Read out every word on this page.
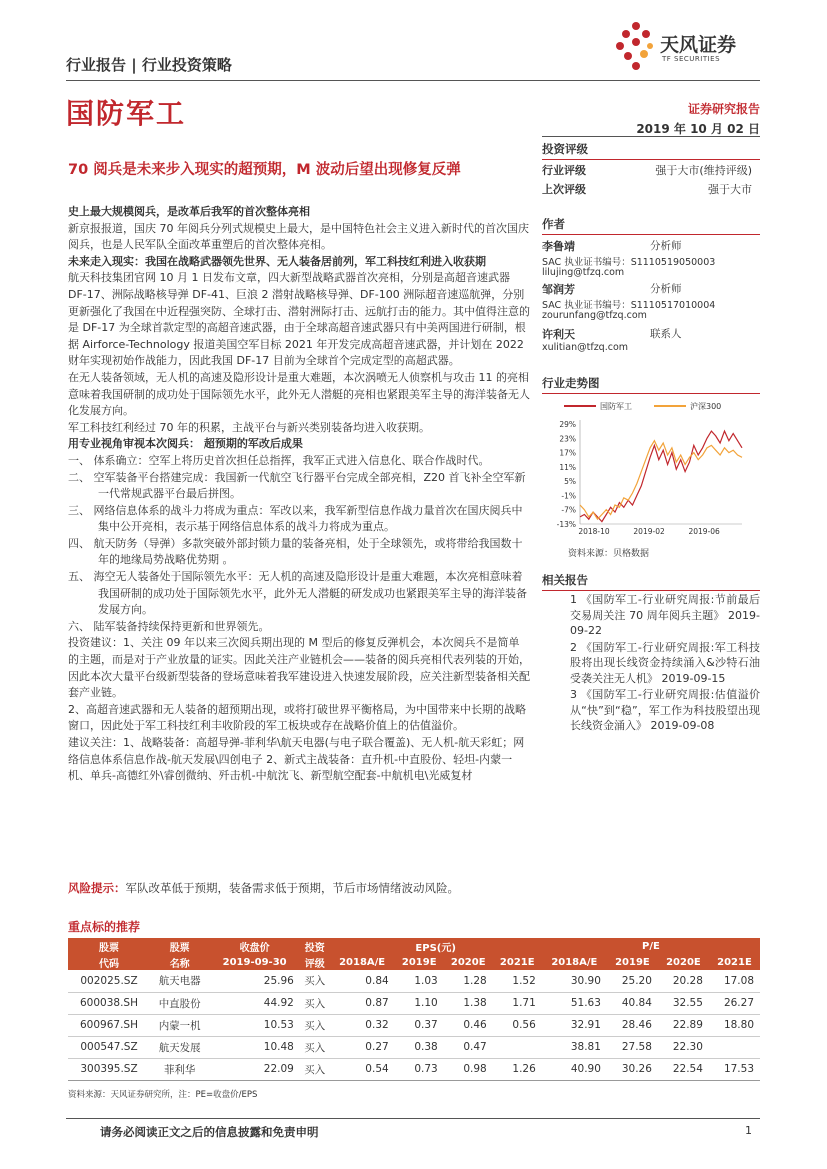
行业报告 | 行业投资策略
国防军工
天风证券
TF SECURITIES
证券研究报告
2019 年 10 月 02 日
70 阅兵是未来步入现实的超预期，M 波动后望出现修复反弹

史上最大规模阅兵，是改革后我军的首次整体亮相

新京报报道，国庆 70 年阅兵分列式规模史上最大，是中国特色社会主义进入新时代的首次国庆阅兵，也是人民军队全面改革重塑后的首次整体亮相。

未来走入现实：我国在战略武器领先世界、无人装备居前列，军工科技红利进入收获期

航天科技集团官网 10 月 1 日发布文章，四大新型战略武器首次亮相，分别是高超音速武器 DF-17、洲际战略核导弹 DF-41、巨浪 2 潜射战略核导弹、DF-100 洲际超音速巡航弹，分别更新强化了我国在中近程强突防、全球打击、潜射洲际打击、远航打击的能力。其中值得注意的是 DF-17 为全球首款定型的高超音速武器，由于全球高超音速武器只有中美两国进行研制，根据 Airforce-Technology 报道美国空军目标 2021 年开发完成高超音速武器，并计划在 2022 财年实现初始作战能力，因此我国 DF-17 目前为全球首个完成定型的高超武器。

在无人装备领域，无人机的高速及隐形设计是重大难题，本次涡喷无人侦察机与攻击 11 的亮相意味着我国研制的成功处于国际领先水平，此外无人潜艇的亮相也紧跟美军主导的海洋装备无人化发展方向。

军工科技红利经过 70 年的积累，主战平台与新兴类别装备均进入收获期。

用专业视角审视本次阅兵： 超预期的军改后成果

一、 体系确立：空军上将历史首次担任总指挥，我军正式进入信息化、联合作战时代。

二、 空军装备平台搭建完成：我国新一代航空飞行器平台完成全部亮相，Z20 首飞补全空军新一代常规武器平台最后拼图。

三、 网络信息体系的战斗力将成为重点：军改以来，我军新型信息作战力量首次在国庆阅兵中集中公开亮相，表示基于网络信息体系的战斗力将成为重点。

四、 航天防务（导弹）多款突破外部封锁力量的装备亮相，处于全球领先，或将带给我国数十年的地缘局势战略优势期 。

五、 海空无人装备处于国际领先水平：无人机的高速及隐形设计是重大难题，本次亮相意味着我国研制的成功处于国际领先水平，此外无人潜艇的研发成功也紧跟美军主导的海洋装备发展方向。

六、 陆军装备持续保持更新和世界领先。

投资建议：1、关注 09 年以来三次阅兵期出现的 M 型后的修复反弹机会，本次阅兵不是简单的主题，而是对于产业放量的证实。因此关注产业链机会——装备的阅兵亮相代表列装的开始，因此本次大量平台级新型装备的登场意味着我军建设进入快速发展阶段，应关注新型装备相关配套产业链。

2、高超音速武器和无人装备的超预期出现，或将打破世界平衡格局，为中国带来中长期的战略窗口，因此处于军工科技红利丰收阶段的军工板块或存在战略价值上的估值溢价。

建议关注：1、战略装备：高超导弹-菲利华\航天电器(与电子联合覆盖)、无人机-航天彩虹；网络信息体系信息作战-航天发展\四创电子 2、新式主战装备：直升机-中直股份、轻坦-内蒙一机、单兵-高德红外\睿创微纳、歼击机-中航沈飞、新型航空配套-中航机电\光威复材

风险提示：军队改革低于预期，装备需求低于预期，节后市场情绪波动风险。
投资评级
行业评级	强于大市(维持评级)
上次评级	强于大市
作者
李鲁靖	分析师
SAC 执业证书编号：S1110519050003
lilujing@tfzq.com
邹润芳	分析师
SAC 执业证书编号：S1110517010004
zourunfang@tfzq.com
许利天	联系人
xulitian@tfzq.com
行业走势图
国防军工	沪深300
29%
23%
17%
11%
5%
-1%
-7%
-13%
2018-10	2019-02	2019-06
资料来源：贝格数据
相关报告

1 《国防军工-行业研究周报:节前最后交易周关注 70 周年阅兵主题》 2019-09-22

2 《国防军工-行业研究周报:军工科技股将出现长线资金持续涌入&沙特石油受袭关注无人机》 2019-09-15

3 《国防军工-行业研究周报:估值溢价从“快”到“稳”，军工作为科技股望出现长线资金涌入》 2019-09-08

重点标的推荐
股票	股票	收盘价	投资	EPS(元)				P/E			
代码	名称	2019-09-30	评级	2018A/E	2019E	2020E	2021E	2018A/E	2019E	2020E	2021E
002025.SZ	航天电器	25.96	买入	0.84	1.03	1.28	1.52	30.90	25.20	20.28	17.08
600038.SH	中直股份	44.92	买入	0.87	1.10	1.38	1.71	51.63	40.84	32.55	26.27
600967.SH	内蒙一机	10.53	买入	0.32	0.37	0.46	0.56	32.91	28.46	22.89	18.80
000547.SZ	航天发展	10.48	买入	0.27	0.38	0.47		38.81	27.58	22.30	
300395.SZ	菲利华	22.09	买入	0.54	0.73	0.98	1.26	40.90	30.26	22.54	17.53
资料来源：天风证券研究所，注：PE=收盘价/EPS
请务必阅读正文之后的信息披露和免责申明	1
